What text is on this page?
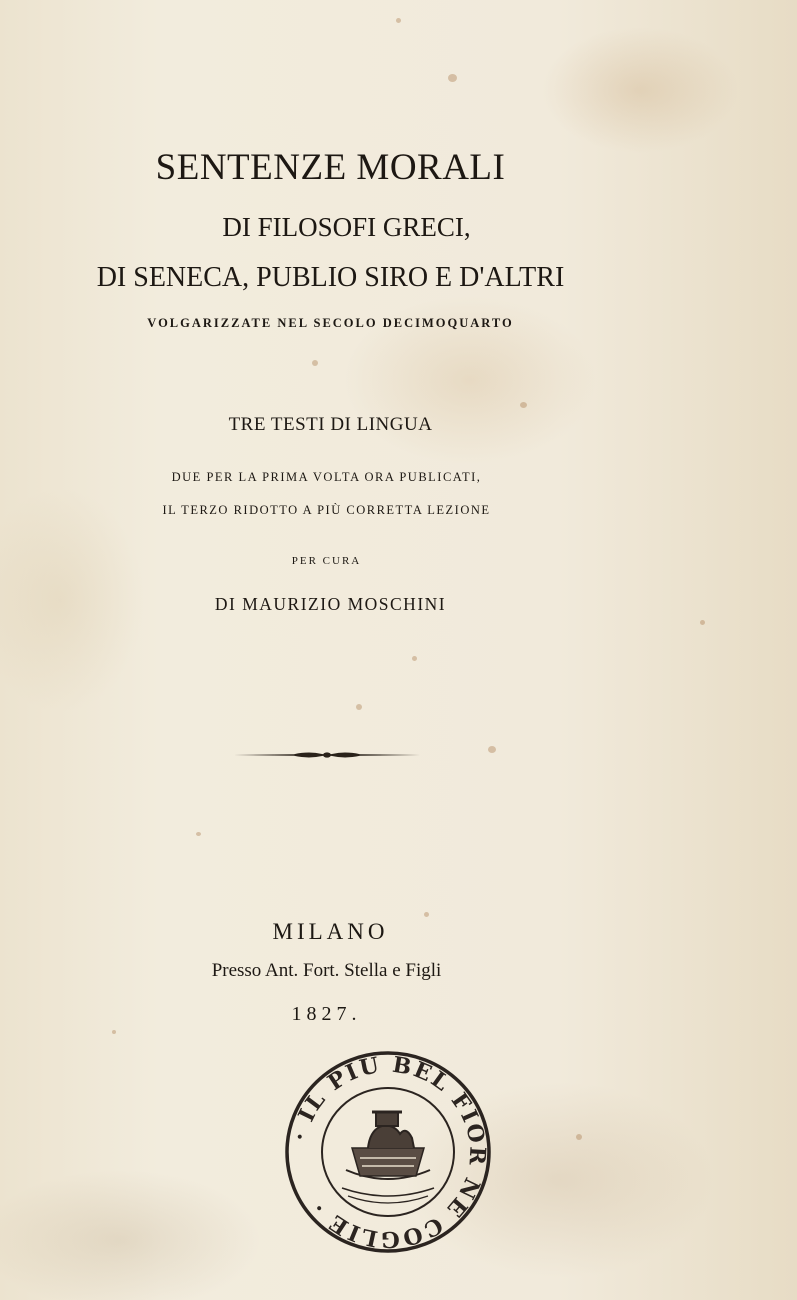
SENTENZE MORALI
DI FILOSOFI GRECI,
DI SENECA, PUBLIO SIRO E D'ALTRI
VOLGARIZZATE NEL SECOLO DECIMOQUARTO
TRE TESTI DI LINGUA
DUE PER LA PRIMA VOLTA ORA PUBLICATI,
IL TERZO RIDOTTO A PIÙ CORRETTA LEZIONE
PER CURA
DI MAURIZIO MOSCHINI
MILANO
Presso Ant. Fort. Stella e Figli
1827.
· IL PIU BEL FIOR NE COGLIE ·
